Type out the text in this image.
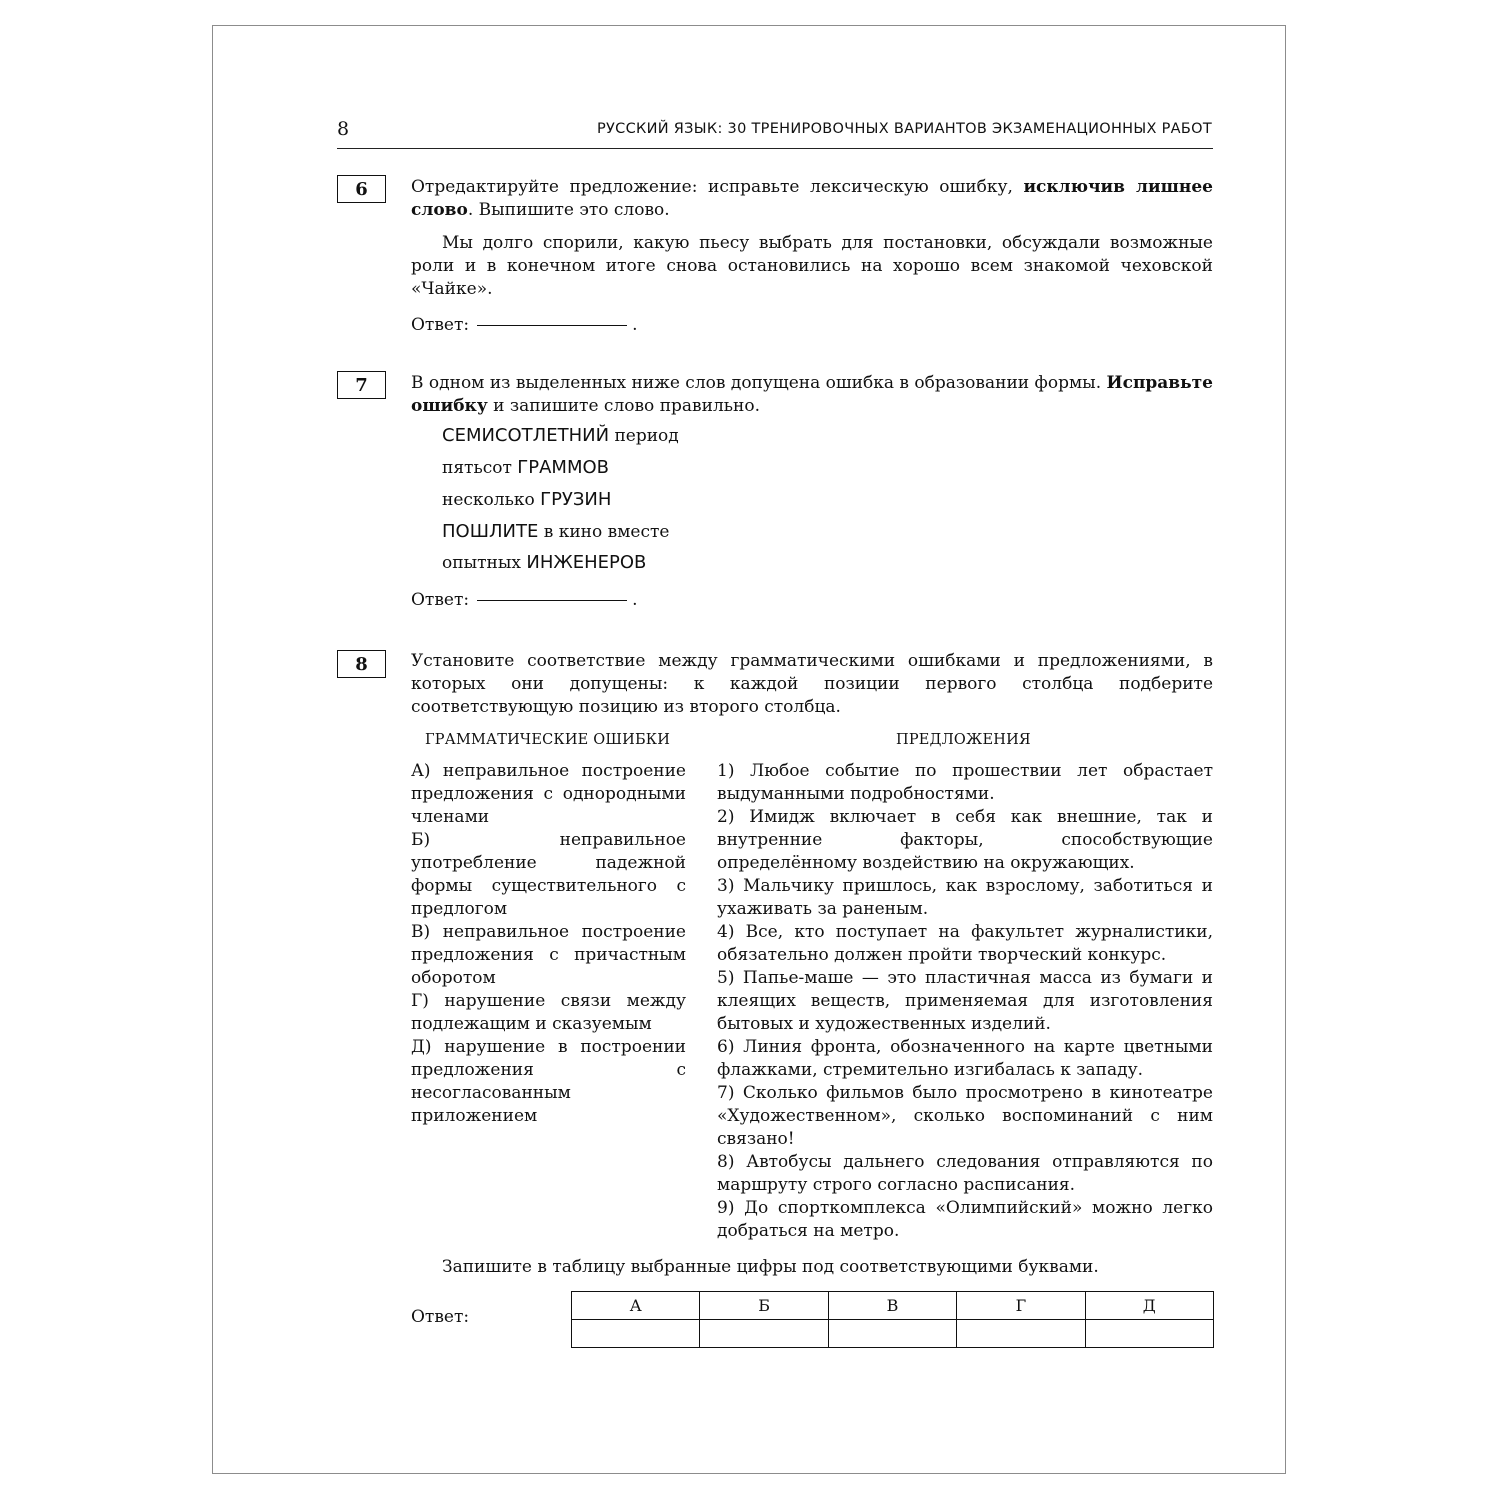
8	РУССКИЙ ЯЗЫК: 30 ТРЕНИРОВОЧНЫХ ВАРИАНТОВ ЭКЗАМЕНАЦИОННЫХ РАБОТ
6	Отредактируйте предложение: исправьте лексическую ошибку, исключив лишнее слово. Выпишите это слово.

Мы долго спорили, какую пьесу выбрать для постановки, обсуждали возможные роли и в конечном итоге снова остановились на хорошо всем знакомой чеховской «Чайке».

Ответ:	.
7	В одном из выделенных ниже слов допущена ошибка в образовании формы. Исправьте ошибку и запишите слово правильно.

СЕМИСОТЛЕТНИЙ период
пятьсот ГРАММОВ
несколько ГРУЗИН
ПОШЛИТЕ в кино вместе
опытных ИНЖЕНЕРОВ
Ответ:	.
8	Установите соответствие между грамматическими ошибками и предложениями, в которых они допущены: к каждой позиции первого столбца подберите соответствующую позицию из второго столбца.
ГРАММАТИЧЕСКИЕ ОШИБКИ	ПРЕДЛОЖЕНИЯ

А) неправильное построение предложения с однородными членами

Б) неправильное употребление падежной формы существительного с предлогом

В) неправильное построение предложения с причастным оборотом

Г) нарушение связи между подлежащим и сказуемым

Д) нарушение в построении предложения с несогласованным приложением

1) Любое событие по прошествии лет обрастает выдуманными подробностями.

2) Имидж включает в себя как внешние, так и внутренние факторы, способствующие определённому воздействию на окружающих.

3) Мальчику пришлось, как взрослому, заботиться и ухаживать за раненым.

4) Все, кто поступает на факультет журналистики, обязательно должен пройти творческий конкурс.

5) Папье-маше — это пластичная масса из бумаги и клеящих веществ, применяемая для изготовления бытовых и художественных изделий.

6) Линия фронта, обозначенного на карте цветными флажками, стремительно изгибалась к западу.

7) Сколько фильмов было просмотрено в кинотеатре «Художественном», сколько воспоминаний с ним связано!

8) Автобусы дальнего следования отправляются по маршруту строго согласно расписания.

9) До спорткомплекса «Олимпийский» можно легко добраться на метро.

Запишите в таблицу выбранные цифры под соответствующими буквами.
Ответ:
А	Б	В	Г	Д
